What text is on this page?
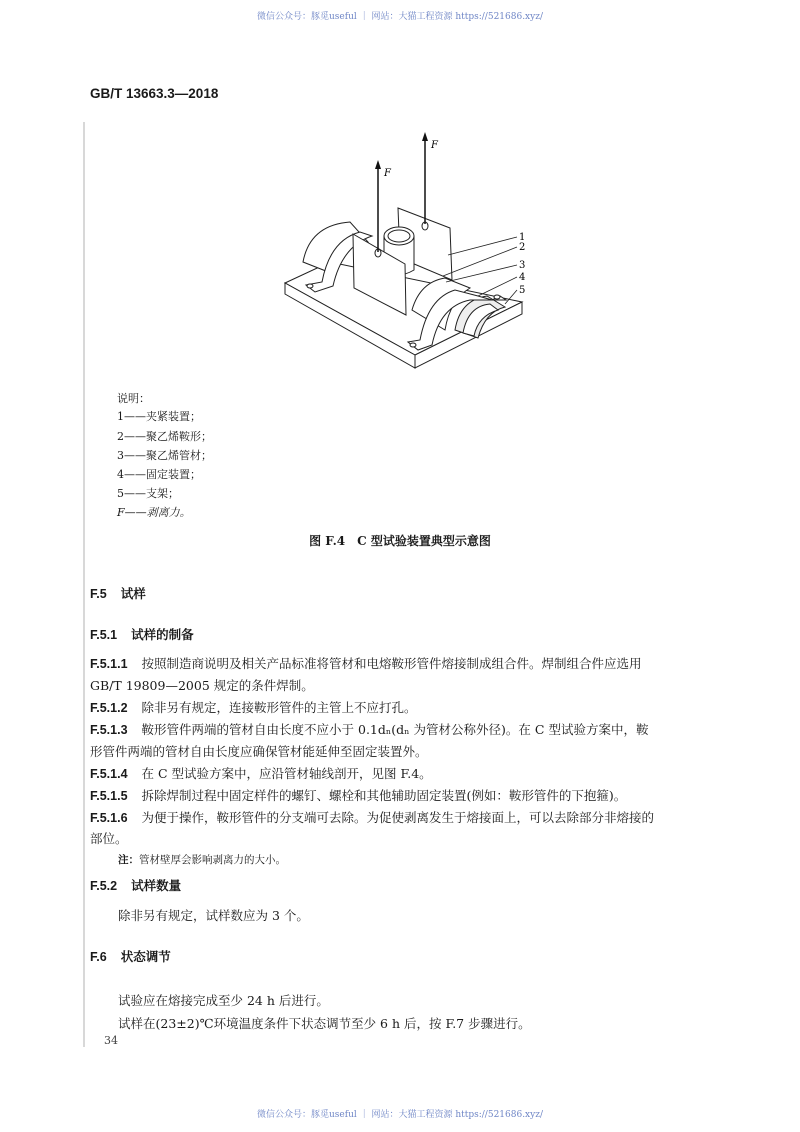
微信公众号：豚觅useful ｜ 网站：大猫工程资源 https://521686.xyz/
GB/T 13663.3—2018
F
F
1
2
3
4
5
说明：
1——夹紧装置；
2——聚乙烯鞍形；
3——聚乙烯管材；
4——固定装置；
5——支架；
F——剥离力。
图 F.4 C 型试验装置典型示意图
F.5 试样
F.5.1 试样的制备
F.5.1.1 按照制造商说明及相关产品标准将管材和电熔鞍形管件熔接制成组合件。焊制组合件应选用
GB/T 19809—2005 规定的条件焊制。
F.5.1.2 除非另有规定，连接鞍形管件的主管上不应打孔。
F.5.1.3 鞍形管件两端的管材自由长度不应小于 0.1dₙ(dₙ 为管材公称外径)。在 C 型试验方案中，鞍
形管件两端的管材自由长度应确保管材能延伸至固定装置外。
F.5.1.4 在 C 型试验方案中，应沿管材轴线剖开，见图 F.4。
F.5.1.5 拆除焊制过程中固定样件的螺钉、螺栓和其他辅助固定装置(例如：鞍形管件的下抱箍)。
F.5.1.6 为便于操作，鞍形管件的分支端可去除。为促使剥离发生于熔接面上，可以去除部分非熔接的
部位。
注：管材壁厚会影响剥离力的大小。
F.5.2 试样数量
除非另有规定，试样数应为 3 个。
F.6 状态调节
试验应在熔接完成至少 24 h 后进行。
试样在(23±2)℃环境温度条件下状态调节至少 6 h 后，按 F.7 步骤进行。
34
微信公众号：豚觅useful ｜ 网站：大猫工程资源 https://521686.xyz/
